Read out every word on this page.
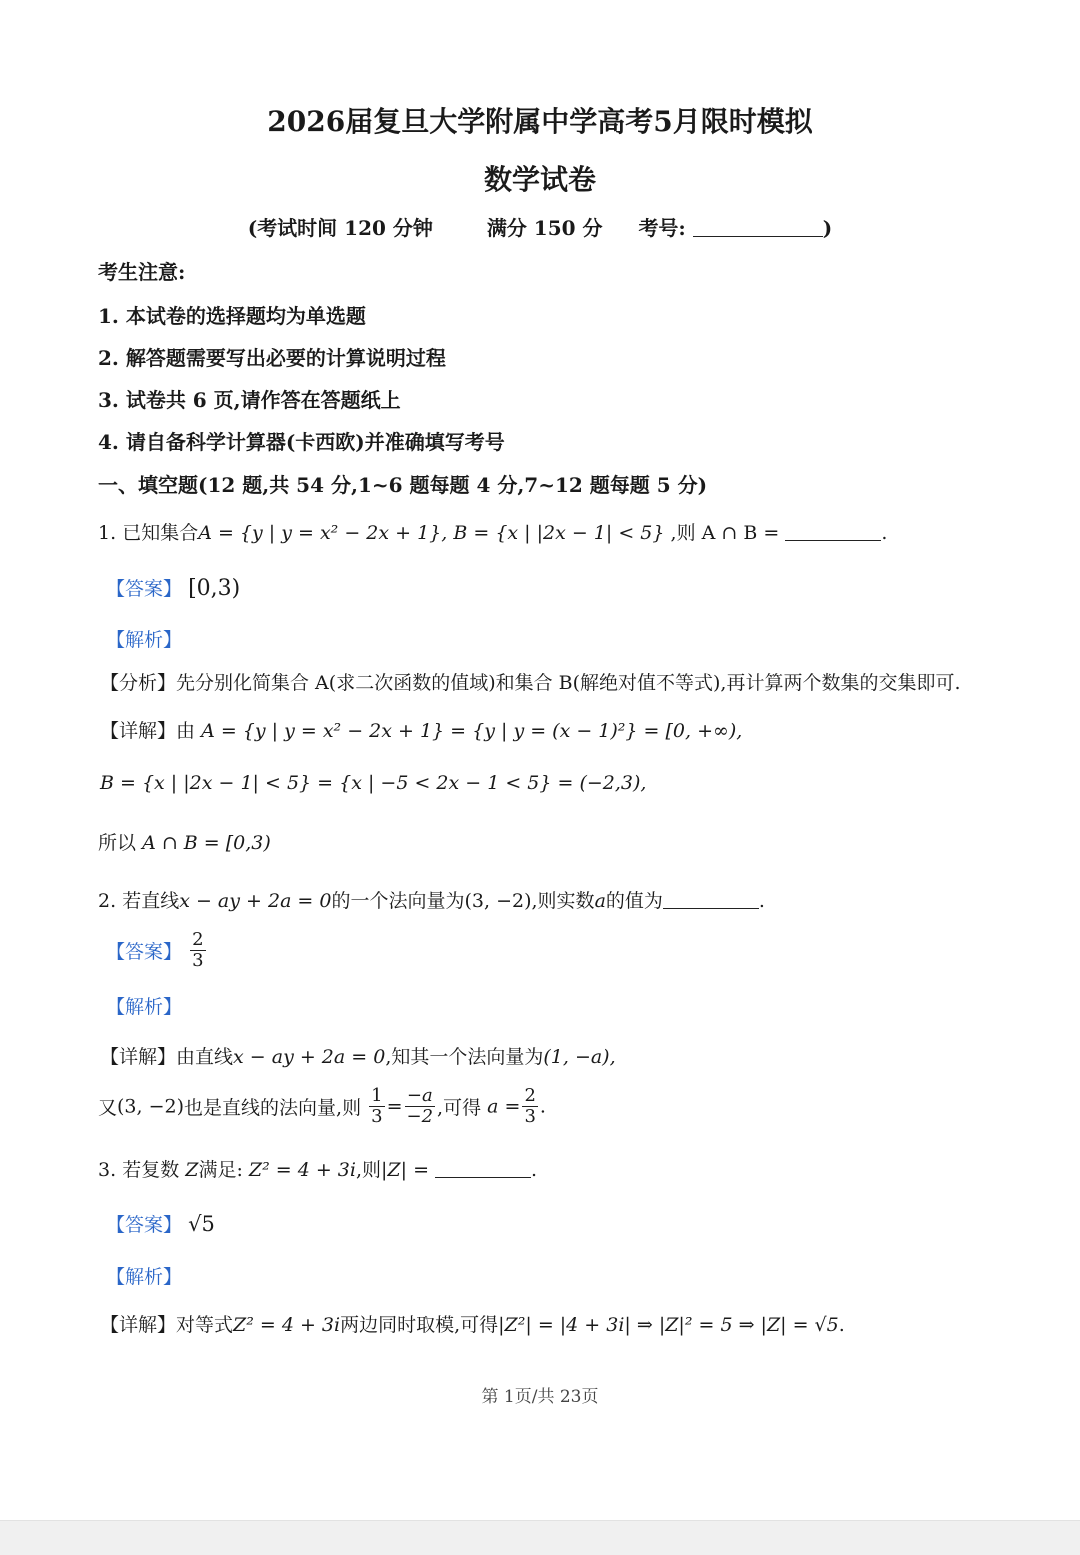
2026届复旦大学附属中学高考5月限时模拟
数学试卷
(考试时间 120 分钟	满分 150 分 考号:	)
考生注意:
1. 本试卷的选择题均为单选题
2. 解答题需要写出必要的计算说明过程
3. 试卷共 6 页,请作答在答题纸上
4. 请自备科学计算器(卡西欧)并准确填写考号
一、填空题(12 题,共 54 分,1~6 题每题 4 分,7~12 题每题 5 分)
1. 已知集合A = {y | y = x² − 2x + 1}, B = {x | |2x − 1| < 5} ,则 A ∩ B =	.
【答案】 [0,3)
【解析】
【分析】先分别化简集合 A(求二次函数的值域)和集合 B(解绝对值不等式),再计算两个数集的交集即可.
【详解】由 A = {y | y = x² − 2x + 1} = {y | y = (x − 1)²} = [0, +∞),
B = {x | |2x − 1| < 5} = {x | −5 < 2x − 1 < 5} = (−2,3),
所以 A ∩ B = [0,3)
2. 若直线x − ay + 2a = 0的一个法向量为(3, −2),则实数a的值为	.
【答案】 $\frac{2}{3}$
【解析】
【详解】由直线x − ay + 2a = 0,知其一个法向量为(1, −a),
又(3, −2)也是直线的法向量,则 $\frac{1}{3} = \frac{-a}{-2}$ ,可得 $a = \frac{2}{3}$ .
3. 若复数 Z满足: Z² = 4 + 3i,则|Z| =	.
【答案】 √5
【解析】
【详解】对等式Z² = 4 + 3i两边同时取模,可得|Z²| = |4 + 3i| ⇒ |Z|² = 5 ⇒ |Z| = √5.
第 1页/共 23页
